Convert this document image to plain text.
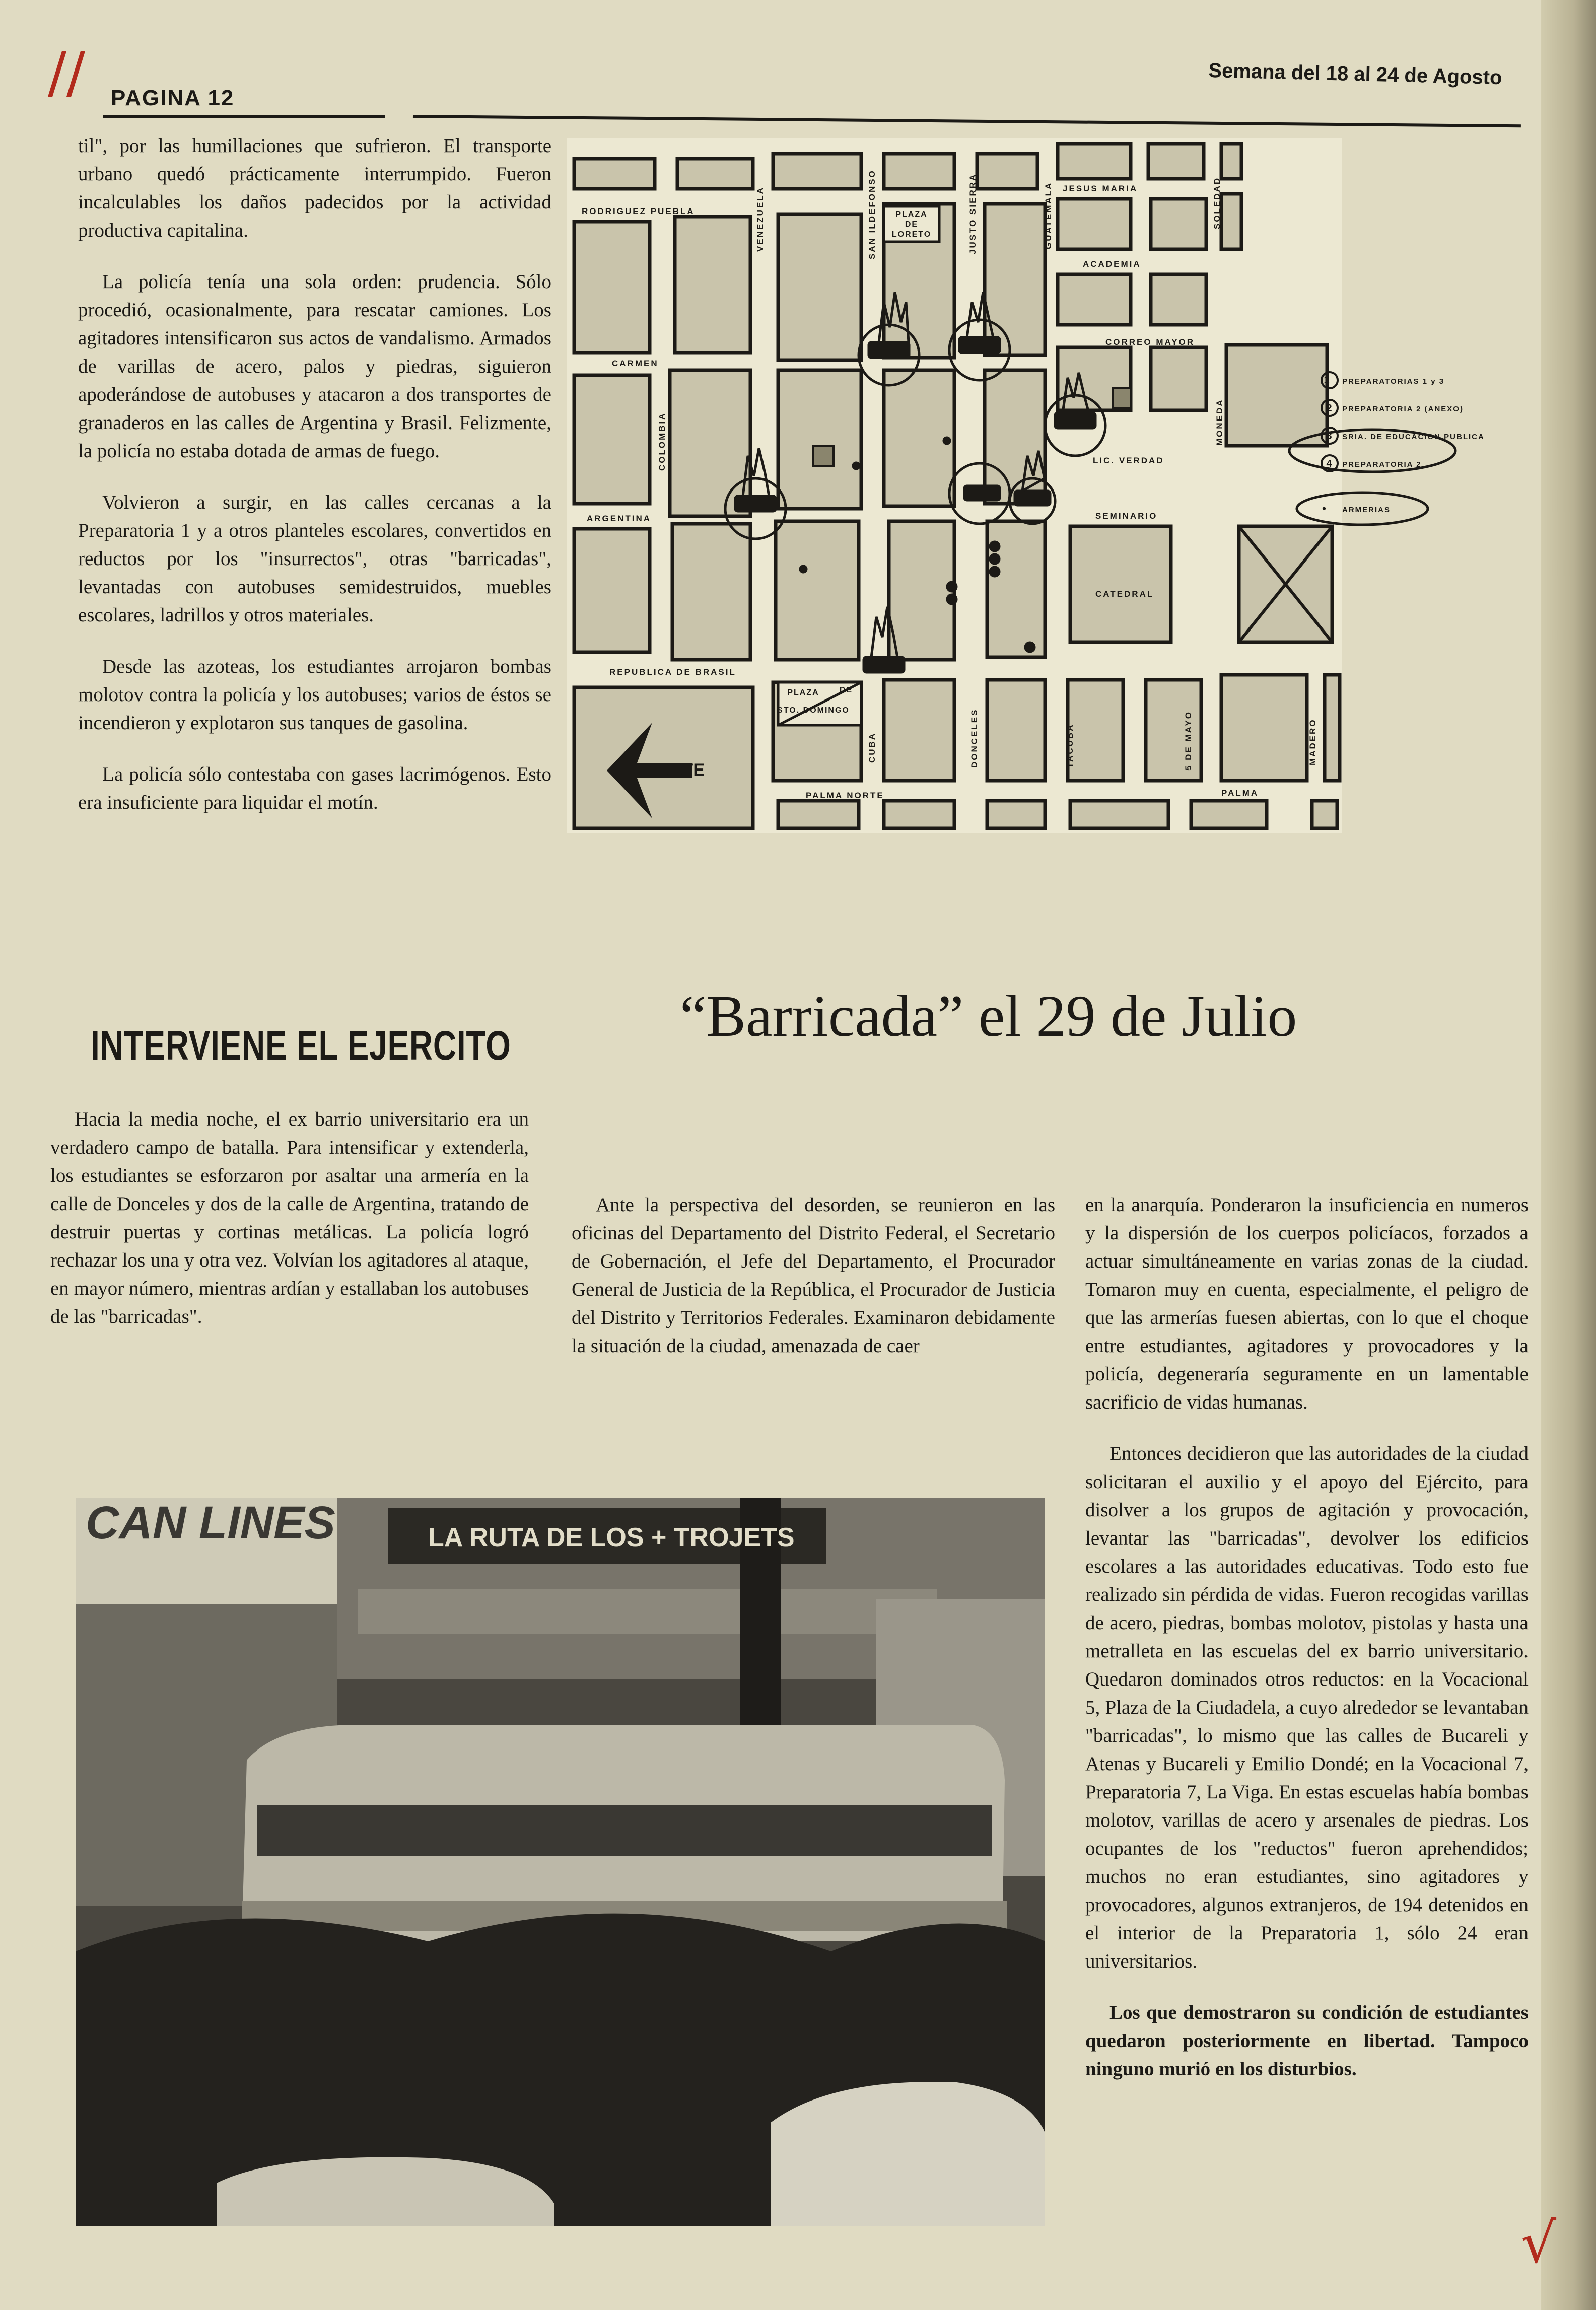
//
√
PAGINA 12
Semana del 18 al 24 de Agosto

til", por las humillaciones que sufrieron. El transporte urbano quedó prácticamente interrumpido. Fueron incalculables los daños padecidos por la actividad productiva capitalina.

La policía tenía una sola orden: prudencia. Sólo procedió, ocasionalmente, para rescatar camiones. Los agitadores intensificaron sus actos de vandalismo. Armados de varillas de acero, palos y piedras, siguieron apoderándose de autobuses y atacaron a dos transportes de granaderos en las calles de Argentina y Brasil. Felizmente, la policía no estaba dotada de armas de fuego.

Volvieron a surgir, en las calles cercanas a la Preparatoria 1 y a otros planteles escolares, convertidos en reductos por los "insurrectos", otras "barricadas", levantadas con autobuses semidestruidos, muebles escolares, ladrillos y otros materiales.

Desde las azoteas, los estudiantes arrojaron bombas molotov contra la policía y los autobuses; varios de éstos se incendieron y explotaron sus tanques de gasolina.

La policía sólo contestaba con gases lacrimógenos. Esto era insuficiente para liquidar el motín.

INTERVIENE EL EJERCITO

Hacia la media noche, el ex barrio universitario era un verdadero campo de batalla. Para intensificar y extenderla, los estudiantes se esforzaron por asaltar una armería en la calle de Donceles y dos de la calle de Argentina, tratando de destruir puertas y cortinas metálicas. La policía logró rechazar los una y otra vez. Volvían los agitadores al ataque, en mayor número, mientras ardían y estallaban los autobuses de las "barricadas".

RODRIGUEZ PUEBLA
JESUS MARIA
ACADEMIA
CARMEN
CORREO MAYOR
LIC. VERDAD
ARGENTINA	SEMINARIO
CATEDRAL
REPUBLICA DE BRASIL
PALMA NORTE	PALMA
VENEZUELA	SAN ILDEFONSO	JUSTO SIERRA	GUATEMALA	SOLEDAD
COLOMBIA	MONEDA
CUBA	DONCELES	TACUBA	5 DE MAYO	MADERO
PLAZA
DE
LORETO
PLAZA	DE
STO. DOMINGO
NORTE
1 PREPARATORIAS 1 y 3
2 PREPARATORIA 2 (ANEXO)
3 SRIA. DE EDUCACION PUBLICA
4 PREPARATORIA 2
• ARMERIAS
“Barricada” el 29 de Julio

Ante la perspectiva del desorden, se reunieron en las oficinas del Departamento del Distrito Federal, el Secretario de Gobernación, el Jefe del Departamento, el Procurador General de Justicia de la República, el Procurador de Justicia del Distrito y Territorios Federales. Examinaron debidamente la situación de la ciudad, amenazada de caer

en la anarquía. Ponderaron la insuficiencia en numeros y la dispersión de los cuerpos policíacos, forzados a actuar simultáneamente en varias zonas de la ciudad. Tomaron muy en cuenta, especialmente, el peligro de que las armerías fuesen abiertas, con lo que el choque entre estudiantes, agitadores y provocadores y la policía, degeneraría seguramente en un lamentable sacrificio de vidas humanas.

Entonces decidieron que las autoridades de la ciudad solicitaran el auxilio y el apoyo del Ejército, para disolver a los grupos de agitación y provocación, levantar las "barricadas", devolver los edificios escolares a las autoridades educativas. Todo esto fue realizado sin pérdida de vidas. Fueron recogidas varillas de acero, piedras, bombas molotov, pistolas y hasta una metralleta en las escuelas del ex barrio universitario. Quedaron dominados otros reductos: en la Vocacional 5, Plaza de la Ciudadela, a cuyo alrededor se levantaban "barricadas", lo mismo que las calles de Bucareli y Atenas y Bucareli y Emilio Dondé; en la Vocacional 7, Preparatoria 7, La Viga. En estas escuelas había bombas molotov, varillas de acero y arsenales de piedras. Los ocupantes de los "reductos" fueron aprehendidos; muchos no eran estudiantes, sino agitadores y provocadores, algunos extranjeros, de 194 detenidos en el interior de la Preparatoria 1, sólo 24 eran universitarios.

Los que demostraron su condición de estudiantes quedaron posteriormente en libertad. Tampoco ninguno murió en los disturbios.

CAN LINES	LA RUTA DE LOS + TROJETS
